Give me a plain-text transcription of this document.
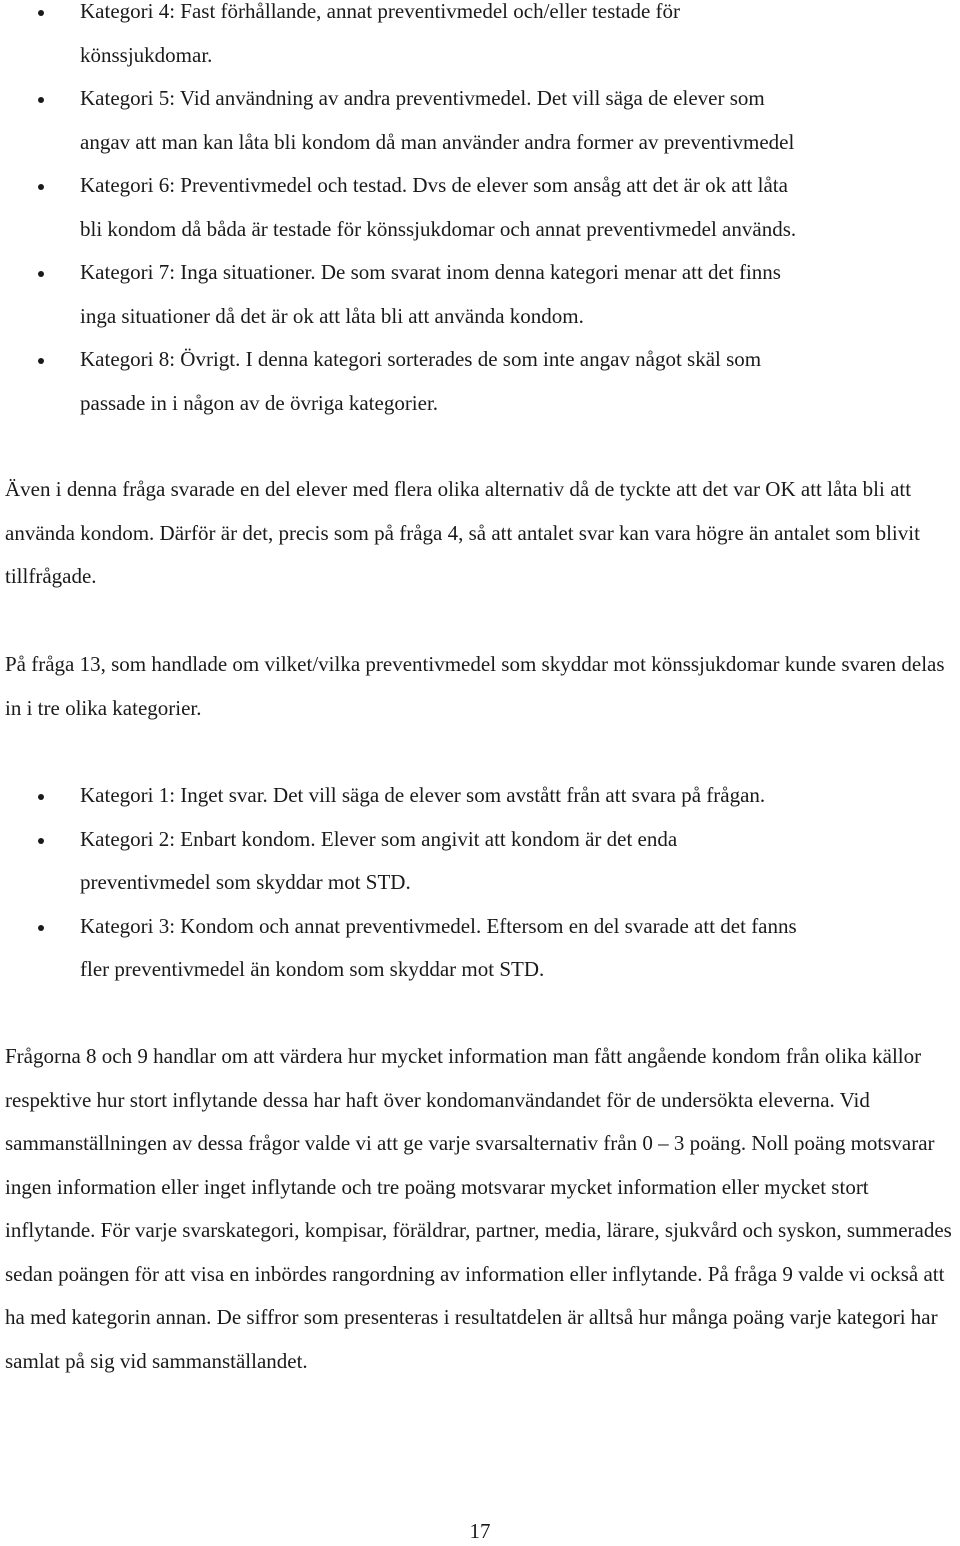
Kategori 4: Fast förhållande, annat preventivmedel och/eller testade för
könssjukdomar.
Kategori 5: Vid användning av andra preventivmedel. Det vill säga de elever som
angav att man kan låta bli kondom då man använder andra former av preventivmedel
Kategori 6: Preventivmedel och testad. Dvs de elever som ansåg att det är ok att låta
bli kondom då båda är testade för könssjukdomar och annat preventivmedel används.
Kategori 7: Inga situationer. De som svarat inom denna kategori menar att det finns
inga situationer då det är ok att låta bli att använda kondom.
Kategori 8: Övrigt. I denna kategori sorterades de som inte angav något skäl som
passade in i någon av de övriga kategorier.

Även i denna fråga svarade en del elever med flera olika alternativ då de tyckte att det var OK att låta bli att använda kondom. Därför är det, precis som på fråga 4, så att antalet svar kan vara högre än antalet som blivit tillfrågade.

På fråga 13, som handlade om vilket/vilka preventivmedel som skyddar mot könssjukdomar kunde svaren delas in i tre olika kategorier.

Kategori 1: Inget svar. Det vill säga de elever som avstått från att svara på frågan.
Kategori 2: Enbart kondom. Elever som angivit att kondom är det enda
preventivmedel som skyddar mot STD.
Kategori 3: Kondom och annat preventivmedel. Eftersom en del svarade att det fanns
fler preventivmedel än kondom som skyddar mot STD.

Frågorna 8 och 9 handlar om att värdera hur mycket information man fått angående kondom från olika källor respektive hur stort inflytande dessa har haft över kondomanvändandet för de undersökta eleverna. Vid sammanställningen av dessa frågor valde vi att ge varje svarsalternativ från 0 – 3 poäng. Noll poäng motsvarar ingen information eller inget inflytande och tre poäng motsvarar mycket information eller mycket stort inflytande. För varje svarskategori, kompisar, föräldrar, partner, media, lärare, sjukvård och syskon, summerades sedan poängen för att visa en inbördes rangordning av information eller inflytande. På fråga 9 valde vi också att ha med kategorin annan. De siffror som presenteras i resultatdelen är alltså hur många poäng varje kategori har samlat på sig vid sammanställandet.

17
